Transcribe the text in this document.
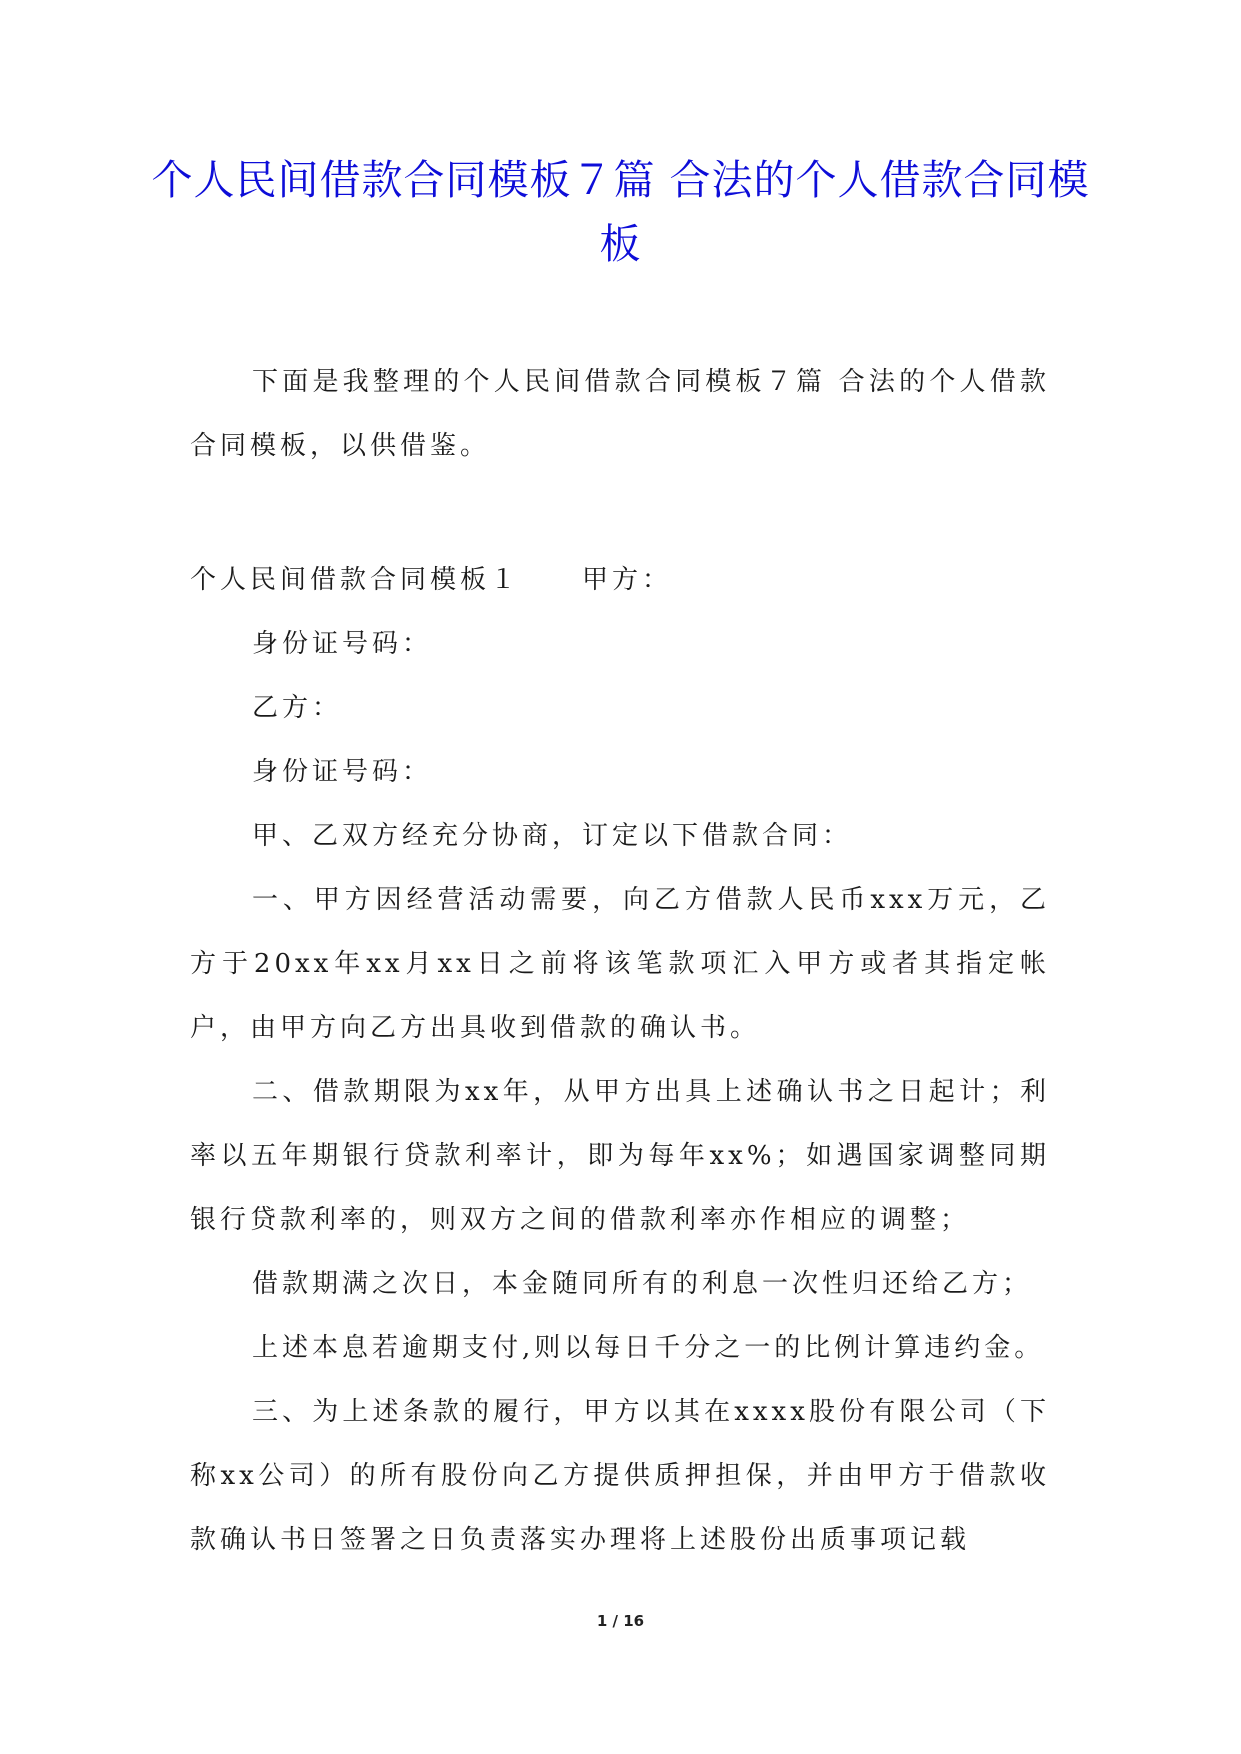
个人民间借款合同模板７篇 合法的个人借款合同模板

下面是我整理的个人民间借款合同模板７篇 合法的个人借款合同模板，以供借鉴。

个人民间借款合同模板１ 甲方：

身份证号码：

乙方：

身份证号码：

甲、乙双方经充分协商，订定以下借款合同：

一、甲方因经营活动需要，向乙方借款人民币xxx万元，乙方于20xx年xx月xx日之前将该笔款项汇入甲方或者其指定帐户，由甲方向乙方出具收到借款的确认书。

二、借款期限为xx年，从甲方出具上述确认书之日起计；利率以五年期银行贷款利率计，即为每年xx%；如遇国家调整同期银行贷款利率的，则双方之间的借款利率亦作相应的调整；

借款期满之次日，本金随同所有的利息一次性归还给乙方；

上述本息若逾期支付,则以每日千分之一的比例计算违约金。

三、为上述条款的履行，甲方以其在xxxx股份有限公司（下称xx公司）的所有股份向乙方提供质押担保，并由甲方于借款收款确认书日签署之日负责落实办理将上述股份出质事项记载

1 / 16
